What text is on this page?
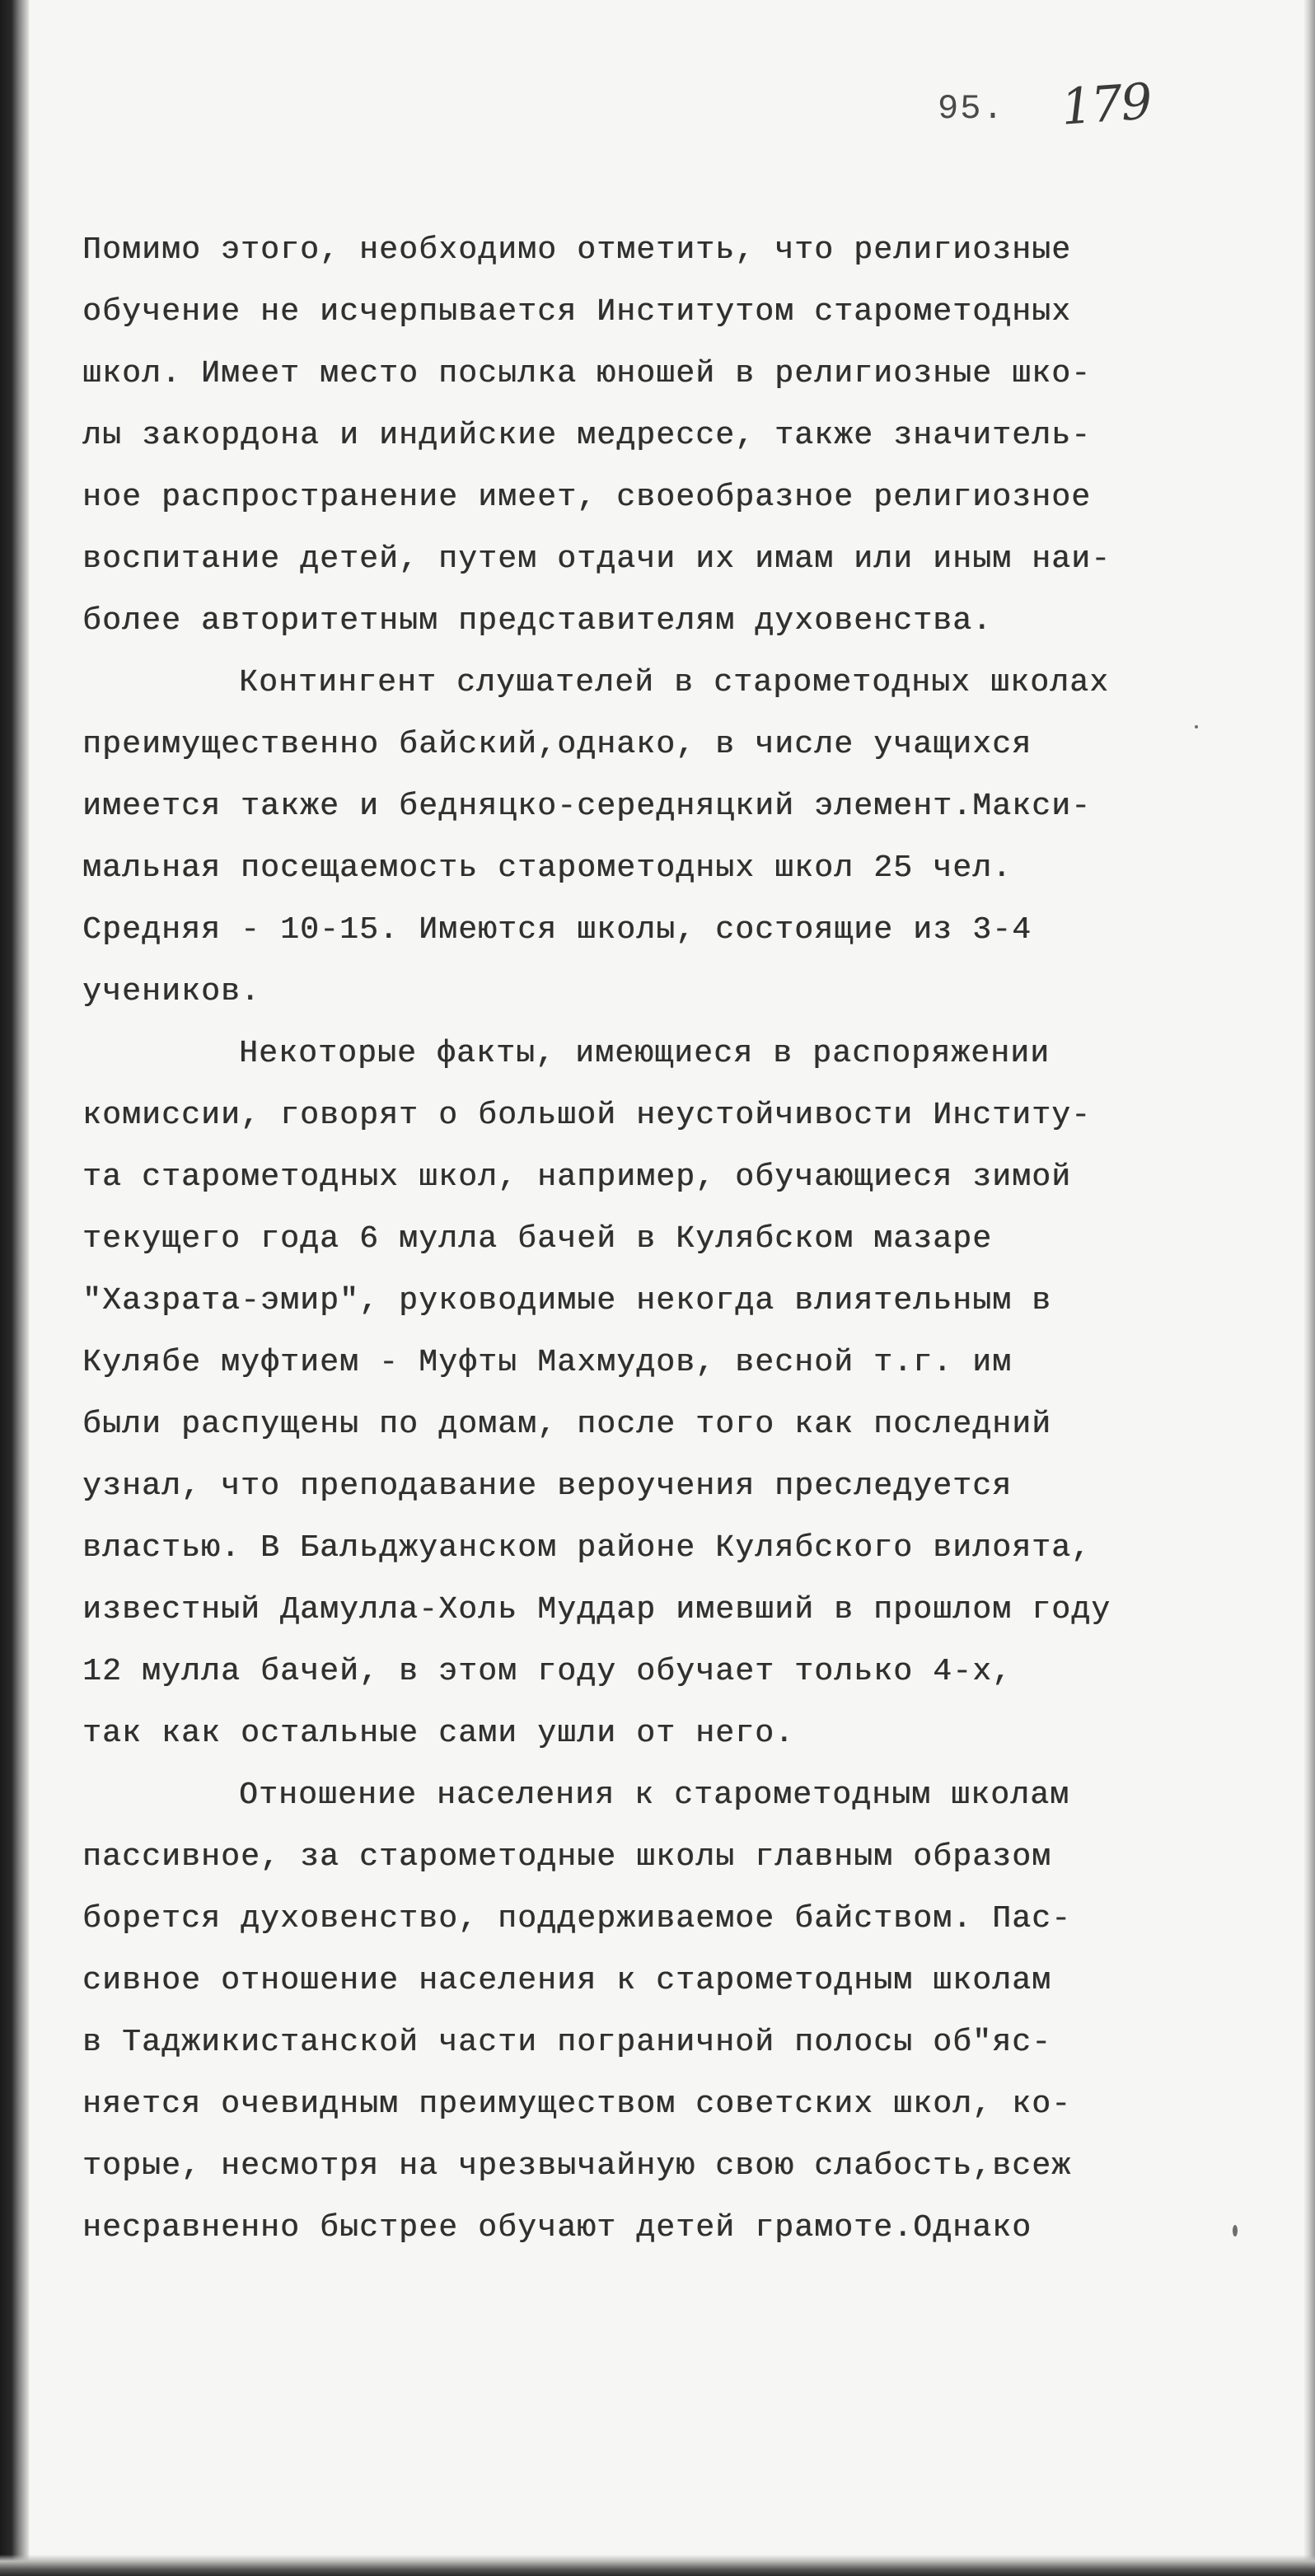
95. 179
Помимо этого, необходимо отметить, что религиозные
обучение не исчерпывается Институтом старометодных
школ. Имеет место посылка юношей в религиозные шко-
лы закордона и индийские медрессе, также значитель-
ное распространение имеет, своеобразное религиозное
воспитание детей, путем отдачи их имам или иным наи-
более авторитетным представителям духовенства.
Контингент слушателей в старометодных школах
преимущественно байский,однако, в числе учащихся
имеется также и бедняцко-середняцкий элемент.Макси-
мальная посещаемость старометодных школ 25 чел.
Средняя - 10-15. Имеются школы, состоящие из 3-4
учеников.
Некоторые факты, имеющиеся в распоряжении
комиссии, говорят о большой неустойчивости Институ-
та старометодных школ, например, обучающиеся зимой
текущего года 6 мулла бачей в Кулябском мазаре
"Хазрата-эмир", руководимые некогда влиятельным в
Кулябе муфтием - Муфты Махмудов, весной т.г. им
были распущены по домам, после того как последний
узнал, что преподавание вероучения преследуется
властью. В Бальджуанском районе Кулябского вилоята,
известный Дамулла-Холь Муддар имевший в прошлом году
12 мулла бачей, в этом году обучает только 4-х,
так как остальные сами ушли от него.
Отношение населения к старометодным школам
пассивное, за старометодные школы главным образом
борется духовенство, поддерживаемое байством. Пас-
сивное отношение населения к старометодным школам
в Таджикистанской части пограничной полосы об"яс-
няется очевидным преимуществом советских школ, ко-
торые, несмотря на чрезвычайную свою слабость,всеж
несравненно быстрее обучают детей грамоте.Однако
